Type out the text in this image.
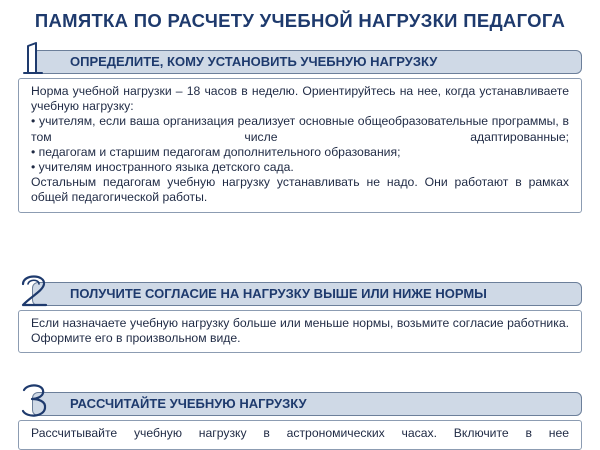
ПАМЯТКА ПО РАСЧЕТУ УЧЕБНОЙ НАГРУЗКИ ПЕДАГОГА
ОПРЕДЕЛИТЕ, КОМУ УСТАНОВИТЬ УЧЕБНУЮ НАГРУЗКУ

Норма учебной нагрузки – 18 часов в неделю. Ориентируйтесь на нее, когда устанавливаете учебную нагрузку:

• учителям, если ваша организация реализует основные общеобразовательные программы, в том числе адаптированные;

• педагогам и старшим педагогам дополнительного образования;

• учителям иностранного языка детского сада.

Остальным педагогам учебную нагрузку устанавливать не надо. Они работают в рамках общей педагогической работы.

ПОЛУЧИТЕ СОГЛАСИЕ НА НАГРУЗКУ ВЫШЕ ИЛИ НИЖЕ НОРМЫ

Если назначаете учебную нагрузку больше или меньше нормы, возьмите согласие работника. Оформите его в произвольном виде.

РАССЧИТАЙТЕ УЧЕБНУЮ НАГРУЗКУ

Рассчитывайте учебную нагрузку в астрономических часах. Включите в нее
